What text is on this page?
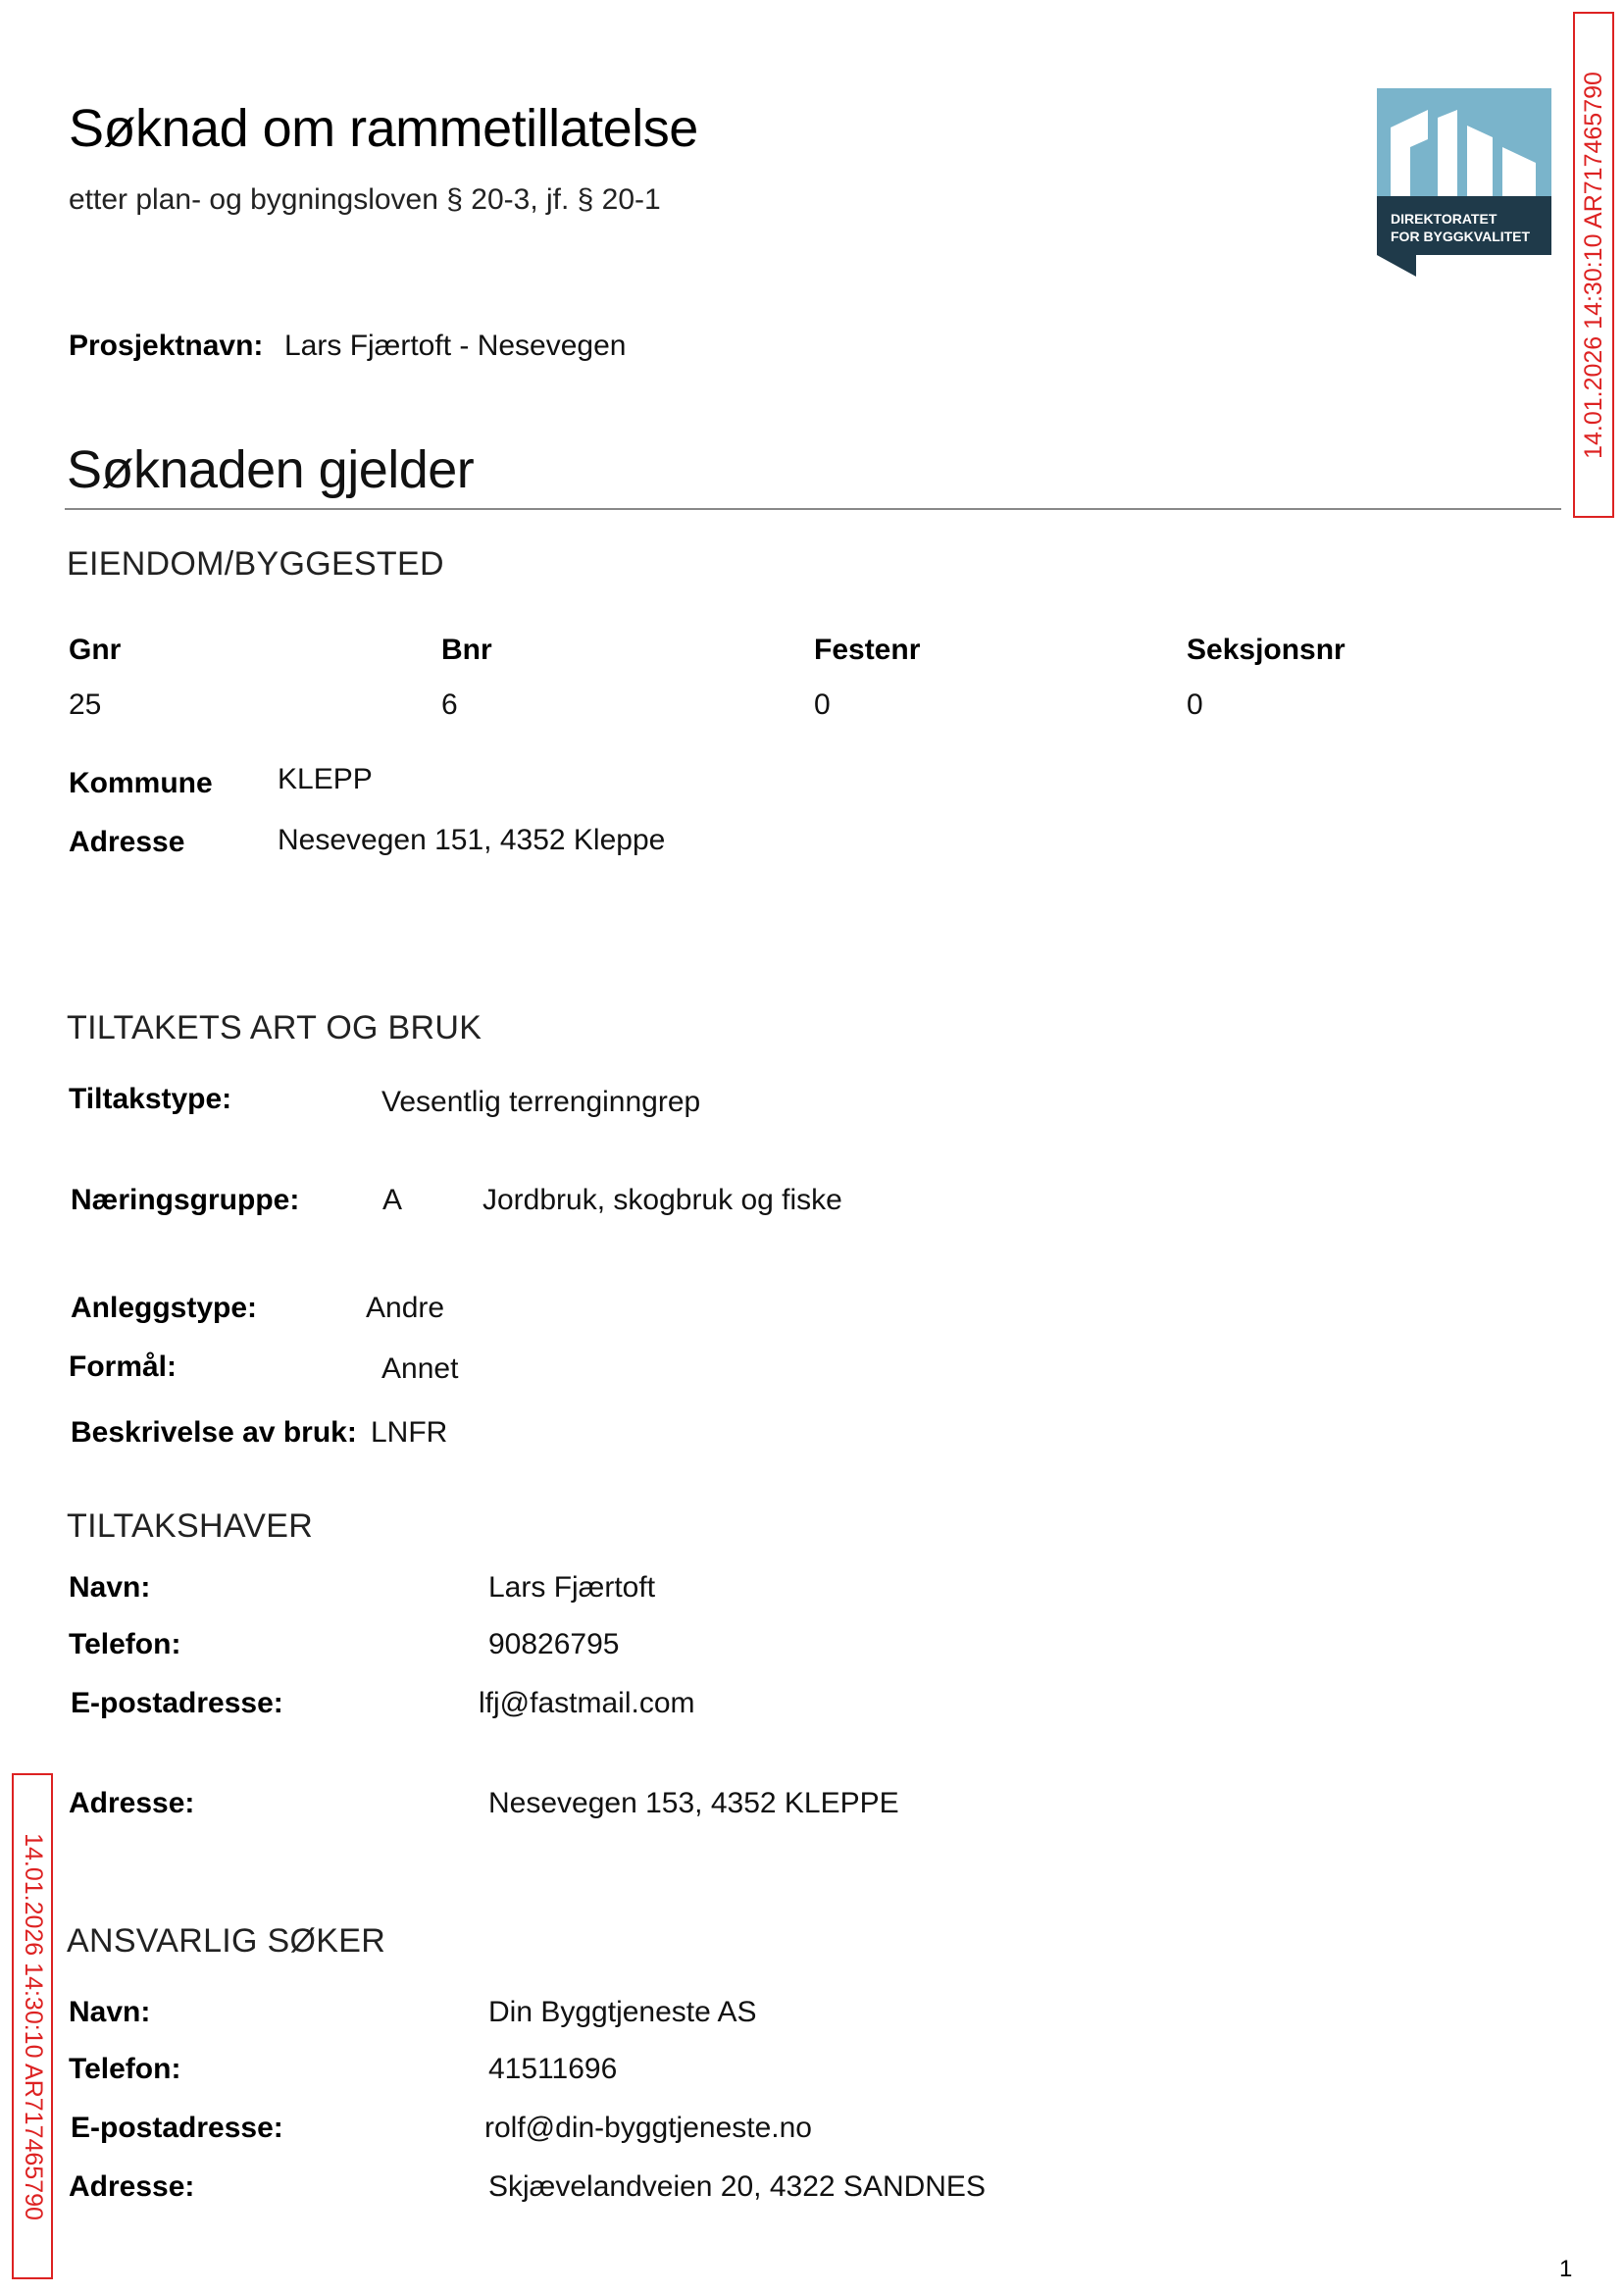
Søknad om rammetillatelse
etter plan- og bygningsloven § 20-3, jf. § 20-1
DIREKTORATET
FOR BYGGKVALITET 14.01.2026 14:30:10 AR717465790
14.01.2026 14:30:10 AR717465790
Prosjektnavn: Lars Fjærtoft - Nesevegen
Søknaden gjelder
EIENDOM/BYGGESTED
Gnr	Bnr	Festenr	Seksjonsnr
25	6	0	0
Kommune KLEPP
Adresse	Nesevegen 151, 4352 Kleppe
TILTAKETS ART OG BRUK
Tiltakstype:	Vesentlig terrenginngrep
Næringsgruppe:	A	Jordbruk, skogbruk og fiske
Anleggstype:	Andre
Formål:	Annet
Beskrivelse av bruk: LNFR
TILTAKSHAVER
Navn:	Lars Fjærtoft
Telefon:	90826795
E-postadresse:	lfj@fastmail.com
Adresse:	Nesevegen 153, 4352 KLEPPE
ANSVARLIG SØKER
Navn:	Din Byggtjeneste AS
Telefon:	41511696
E-postadresse:	rolf@din-byggtjeneste.no
Adresse:	Skjævelandveien 20, 4322 SANDNES
1
